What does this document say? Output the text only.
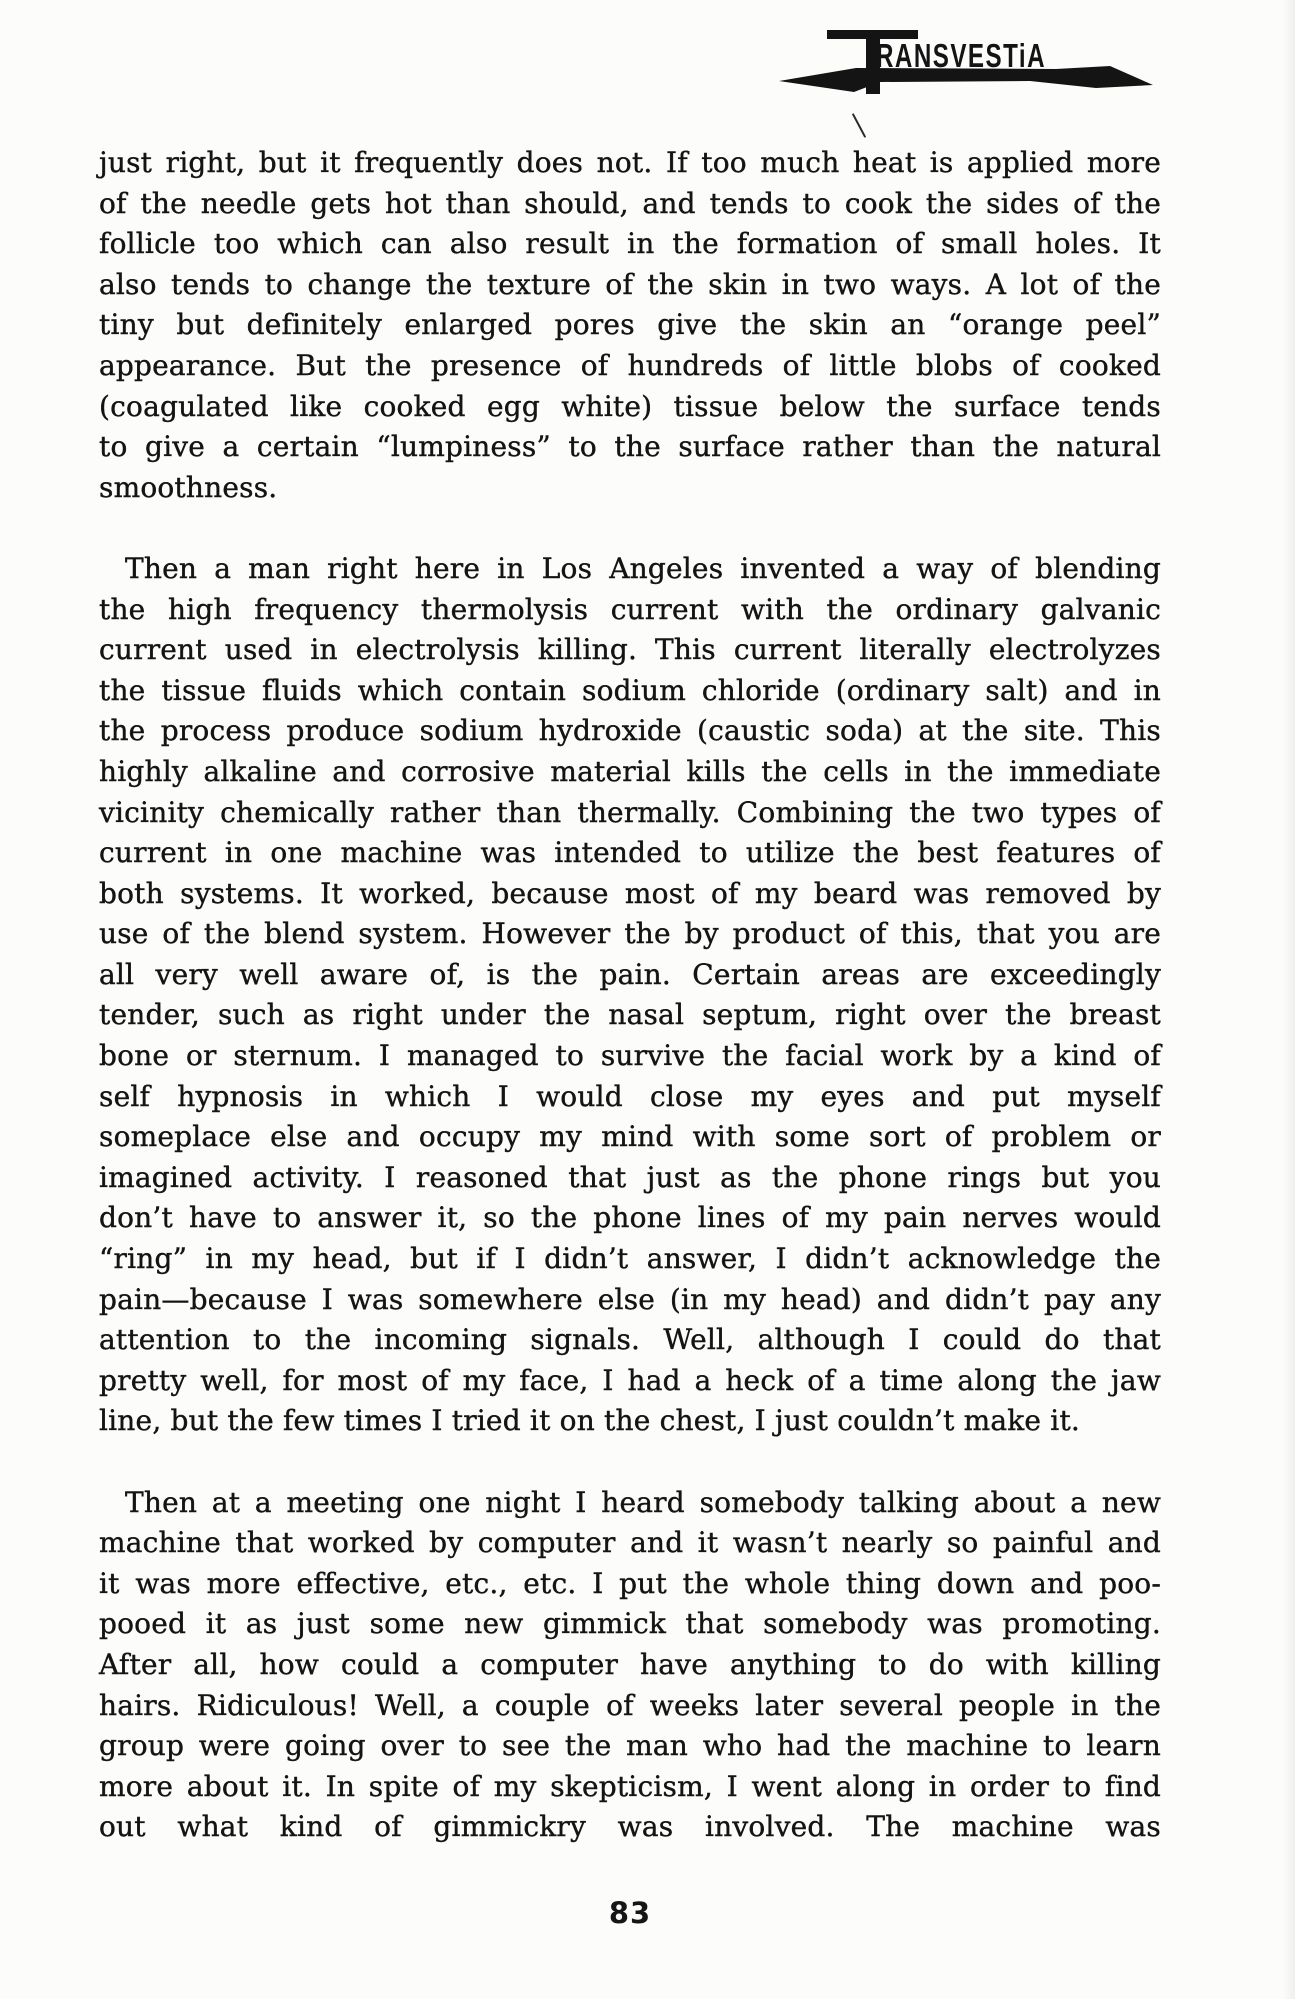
RANSVESTiA
just right, but it frequently does not. If too much heat is applied more
of the needle gets hot than should, and tends to cook the sides of the
follicle too which can also result in the formation of small holes. It
also tends to change the texture of the skin in two ways. A lot of the
tiny but definitely enlarged pores give the skin an “orange peel”
appearance. But the presence of hundreds of little blobs of cooked
(coagulated like cooked egg white) tissue below the surface tends
to give a certain “lumpiness” to the surface rather than the natural
smoothness.
Then a man right here in Los Angeles invented a way of blending
the high frequency thermolysis current with the ordinary galvanic
current used in electrolysis killing. This current literally electrolyzes
the tissue fluids which contain sodium chloride (ordinary salt) and in
the process produce sodium hydroxide (caustic soda) at the site. This
highly alkaline and corrosive material kills the cells in the immediate
vicinity chemically rather than thermally. Combining the two types of
current in one machine was intended to utilize the best features of
both systems. It worked, because most of my beard was removed by
use of the blend system. However the by product of this, that you are
all very well aware of, is the pain. Certain areas are exceedingly
tender, such as right under the nasal septum, right over the breast
bone or sternum. I managed to survive the facial work by a kind of
self hypnosis in which I would close my eyes and put myself
someplace else and occupy my mind with some sort of problem or
imagined activity. I reasoned that just as the phone rings but you
don’t have to answer it, so the phone lines of my pain nerves would
“ring” in my head, but if I didn’t answer, I didn’t acknowledge the
pain—because I was somewhere else (in my head) and didn’t pay any
attention to the incoming signals. Well, although I could do that
pretty well, for most of my face, I had a heck of a time along the jaw
line, but the few times I tried it on the chest, I just couldn’t make it.
Then at a meeting one night I heard somebody talking about a new
machine that worked by computer and it wasn’t nearly so painful and
it was more effective, etc., etc. I put the whole thing down and poo-
pooed it as just some new gimmick that somebody was promoting.
After all, how could a computer have anything to do with killing
hairs. Ridiculous! Well, a couple of weeks later several people in the
group were going over to see the man who had the machine to learn
more about it. In spite of my skepticism, I went along in order to find
out what kind of gimmickry was involved. The machine was
83
